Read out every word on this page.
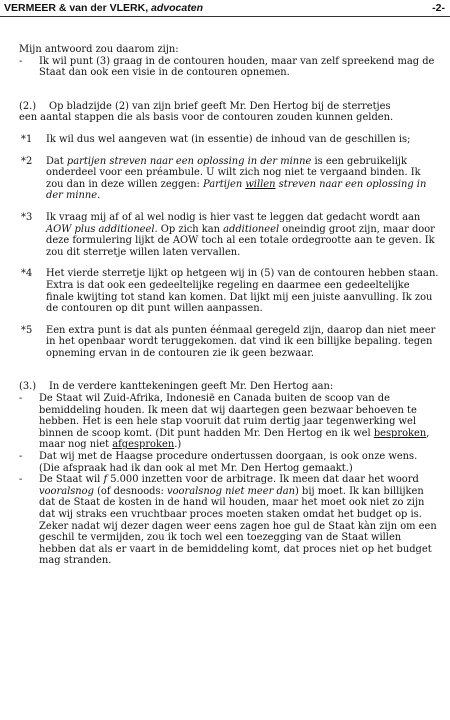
VERMEER & van der VLERK, advocaten	-2-

Mijn antwoord zou daarom zijn:

- Ik wil punt (3) graag in de contouren houden, maar van zelf spreekend mag de Staat dan ook een visie in de contouren opnemen.
(2.) Op bladzijde (2) van zijn brief geeft Mr. Den Hertog bij de sterretjes
een aantal stappen die als basis voor de contouren zouden kunnen gelden.
*1 Ik wil dus wel aangeven wat (in essentie) de inhoud van de geschillen is;
*2 Dat partijen streven naar een oplossing in der minne is een gebruikelijk onderdeel voor een préambule. U wilt zich nog niet te vergaand binden. Ik zou dan in deze willen zeggen: Partijen willen streven naar een oplossing in der minne.
*3 Ik vraag mij af of al wel nodig is hier vast te leggen dat gedacht wordt aan AOW plus additioneel. Op zich kan additioneel oneindig groot zijn, maar door deze formulering lijkt de AOW toch al een totale ordegrootte aan te geven. Ik zou dit sterretje willen laten vervallen.
*4 Het vierde sterretje lijkt op hetgeen wij in (5) van de contouren hebben staan. Extra is dat ook een gedeeltelijke regeling en daarmee een gedeeltelijke finale kwijting tot stand kan komen. Dat lijkt mij een juiste aanvulling. Ik zou de contouren op dit punt willen aanpassen.
*5 Een extra punt is dat als punten éénmaal geregeld zijn, daarop dan niet meer in het openbaar wordt teruggekomen. dat vind ik een billijke bepaling. tegen opneming ervan in de contouren zie ik geen bezwaar.
(3.) In de verdere kanttekeningen geeft Mr. Den Hertog aan:
- De Staat wil Zuid-Afrika, Indonesië en Canada buiten de scoop van de bemiddeling houden. Ik meen dat wij daartegen geen bezwaar behoeven te hebben. Het is een hele stap vooruit dat ruim dertig jaar tegenwerking wel binnen de scoop komt. (Dit punt hadden Mr. Den Hertog en ik wel besproken, maar nog niet afgesproken.)
- Dat wij met de Haagse procedure ondertussen doorgaan, is ook onze wens. (Die afspraak had ik dan ook al met Mr. Den Hertog gemaakt.)
- De Staat wil f 5.000 inzetten voor de arbitrage. Ik meen dat daar het woord vooralsnog (of desnoods: vooralsnog niet meer dan) bij moet. Ik kan billijken dat de Staat de kosten in de hand wil houden, maar het moet ook niet zo zijn dat wij straks een vruchtbaar proces moeten staken omdat het budget op is. Zeker nadat wij dezer dagen weer eens zagen hoe gul de Staat kàn zijn om een geschil te vermijden, zou ik toch wel een toezegging van de Staat willen hebben dat als er vaart in de bemiddeling komt, dat proces niet op het budget mag stranden.
